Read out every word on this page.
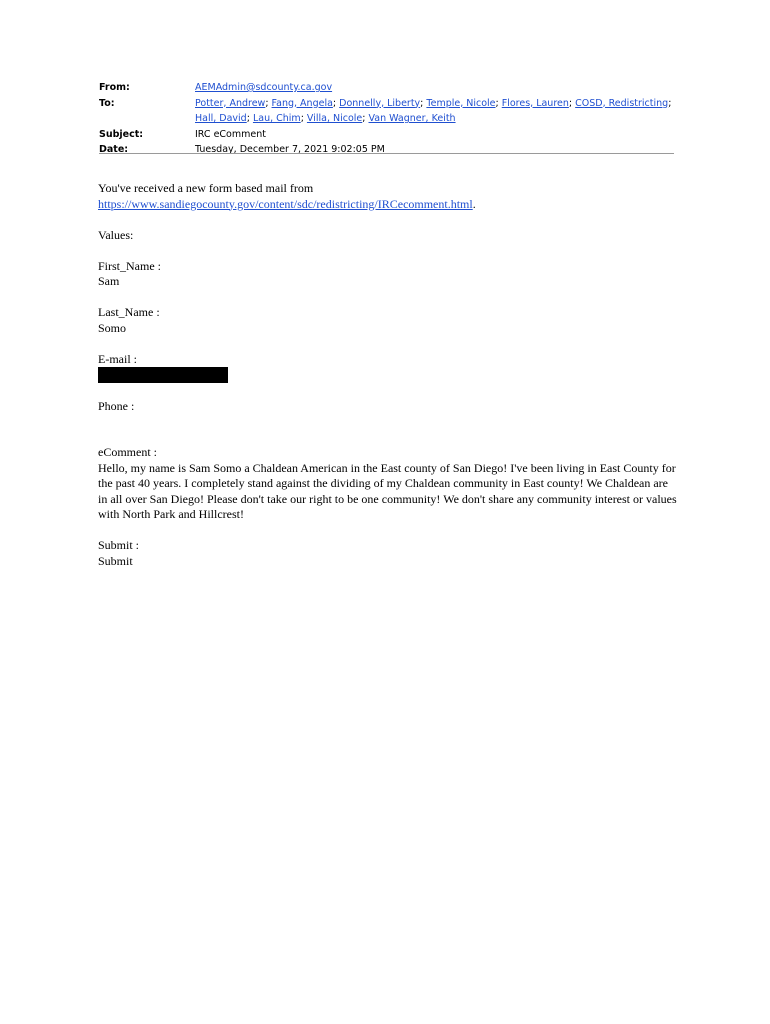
From:	AEMAdmin@sdcounty.ca.gov
To:	Potter, Andrew; Fang, Angela; Donnelly, Liberty; Temple, Nicole; Flores, Lauren; COSD, Redistricting; Hall, David; Lau, Chim; Villa, Nicole; Van Wagner, Keith
Subject:	IRC eComment
Date:	Tuesday, December 7, 2021 9:02:05 PM

You've received a new form based mail from

https://www.sandiegocounty.gov/content/sdc/redistricting/IRCecomment.html.

Values:

First_Name :

Sam

Last_Name :

Somo

E-mail :

Phone :

eComment :

Hello, my name is Sam Somo a Chaldean American in the East county of San Diego! I've been living in East County for the past 40 years. I completely stand against the dividing of my Chaldean community in East county! We Chaldean are in all over San Diego! Please don't take our right to be one community! We don't share any community interest or values with North Park and Hillcrest!

Submit :

Submit
